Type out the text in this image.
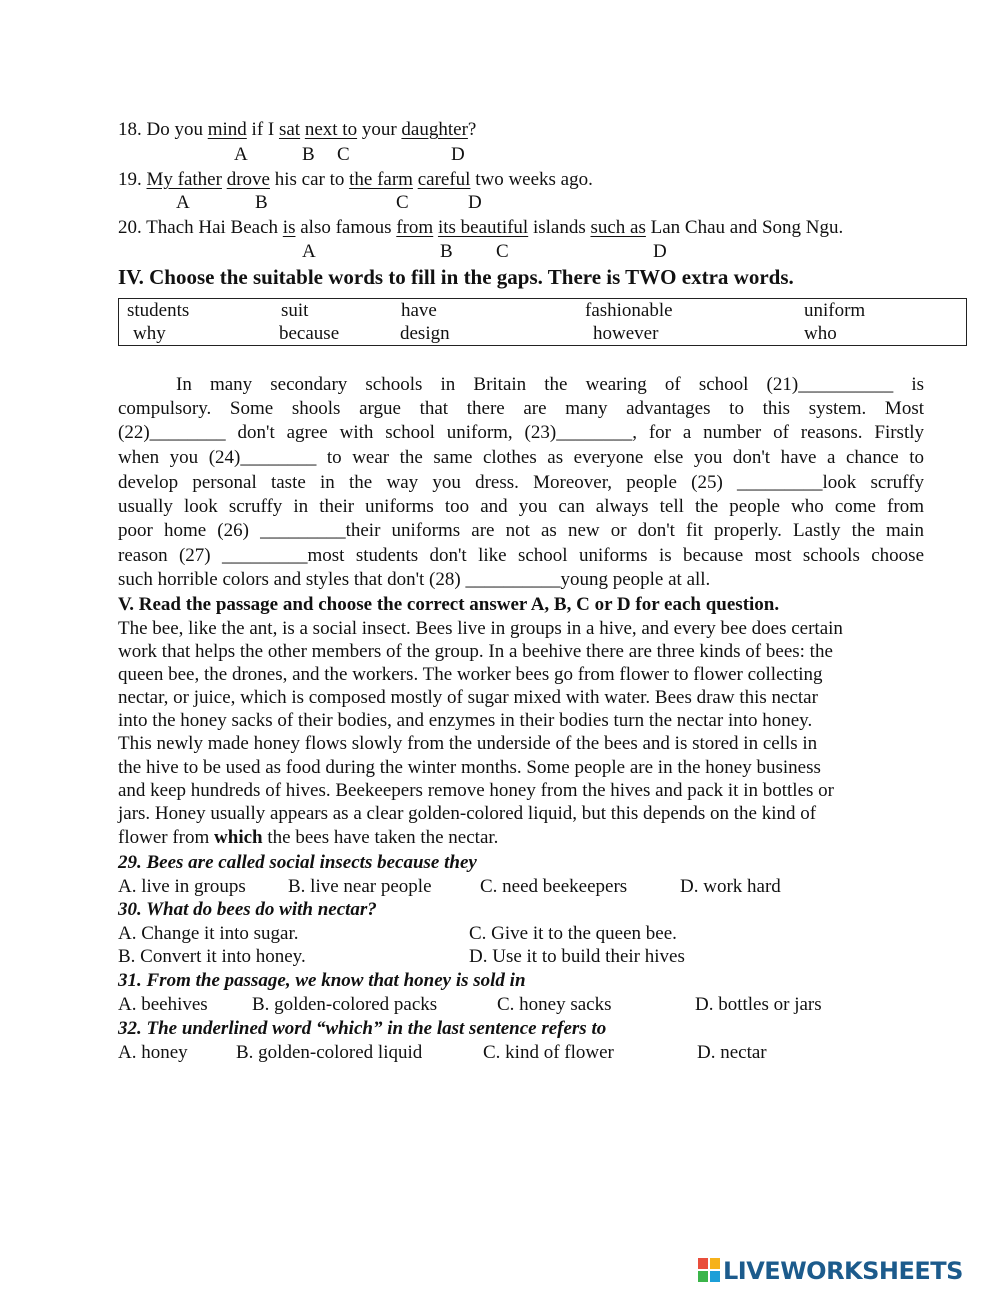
18. Do you mind if I sat next to your daughter?
A	B C	D
19. My father drove his car to the farm careful two weeks ago.
A	B	C	D
20. Thach Hai Beach is also famous from its beautiful islands such as Lan Chau and Song Ngu.
A	B C	D
IV. Choose the suitable words to fill in the gaps. There is TWO extra words.
students	suit	have	fashionable	uniform
why	because	design	however	who
In many secondary schools in Britain the wearing of school (21)__________ is
compulsory. Some shools argue that there are many advantages to this system. Most
(22)________ don't agree with school uniform, (23)________, for a number of reasons. Firstly
when you (24)________ to wear the same clothes as everyone else you don't have a chance to
develop personal taste in the way you dress. Moreover, people (25) _________look scruffy
usually look scruffy in their uniforms too and you can always tell the people who come from
poor home (26) _________their uniforms are not as new or don't fit properly. Lastly the main
reason (27) _________most students don't like school uniforms is because most schools choose
such horrible colors and styles that don't (28) __________young people at all.
V. Read the passage and choose the correct answer A, B, C or D for each question.
The bee, like the ant, is a social insect. Bees live in groups in a hive, and every bee does certain
work that helps the other members of the group. In a beehive there are three kinds of bees: the
queen bee, the drones, and the workers. The worker bees go from flower to flower collecting
nectar, or juice, which is composed mostly of sugar mixed with water. Bees draw this nectar
into the honey sacks of their bodies, and enzymes in their bodies turn the nectar into honey.
This newly made honey flows slowly from the underside of the bees and is stored in cells in
the hive to be used as food during the winter months. Some people are in the honey business
and keep hundreds of hives. Beekeepers remove honey from the hives and pack it in bottles or
jars. Honey usually appears as a clear golden-colored liquid, but this depends on the kind of
flower from which the bees have taken the nectar.
29. Bees are called social insects because they
A. live in groups B. live near people	C. need beekeepers	D. work hard
30. What do bees do with nectar?
A. Change it into sugar.	C. Give it to the queen bee.
B. Convert it into honey.	D. Use it to build their hives
31. From the passage, we know that honey is sold in
A. beehives B. golden-colored packs	C. honey sacks	D. bottles or jars
32. The underlined word “which” in the last sentence refers to
A. honey	B. golden-colored liquid	C. kind of flower	D. nectar
LIVEWORKSHEETS
